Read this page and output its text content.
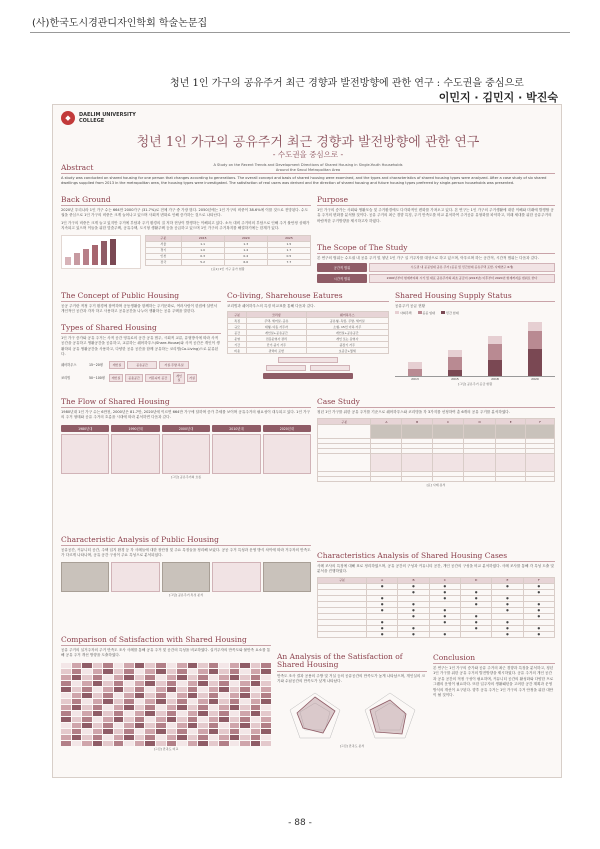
(사)한국도시경관디자인학회 학술논문집
청년 1인 가구의 공유주거 최근 경향과 발전방향에 관한 연구 : 수도권을 중심으로
이민지 · 김민지 · 박진숙
◆	DAELIM UNIVERSITY
COLLEGE
청년 1인 가구의 공유주거 최근 경향과 발전방향에 관한 연구
- 수도권을 중심으로 -
A Study on the Recent Trends and Development Directions of Shared Housing in Single-Youth Households
Around the Seoul Metropolitan Area
Abstract

A study was conducted on shared housing for one person that changes according to generations. The overall concept and basis of shared housing were examined, and the types and characteristics of shared housing types were analyzed. After a case study of six shared dwellings supplied from 2013 in the metropolitan area, the housing types were investigated. The satisfaction of real users was derived and the direction of shared housing and future housing types preferred by single-person households was presented.

Back Ground

2020년 우리나라 1인 가구 수는 664만 2000가구 (31.7%)로 전체 가구 중 가장 많다. 2050년에는 1인 가구의 비중이 38.6%에 이를 것으로 전망된다. 수도권을 중심으로 1인 가구의 비중은 크게 늘어나고 있으며 사회적 변화로 인해 증가하는 것으로 나타난다.

1인 가구의 비중은 크게 늘고 있지만 주거에 부담과 주거 환경의 질 저하 현상이 발생하는 이해되고 있다. 소득 대비 주거비의 부담으로 인해 주거 불안정 상태가 지속되고 있으며 이들을 위한 맞춤주택, 공유주택, 도시형 생활주택 등을 공급하고 있으며 1인 가구의 주거복지를 해결하기에는 한계가 있다.

구분	2015	2020	2025
서울	1.1	1.3	1.5
경기	1.0	1.4	1.7
인천	0.3	0.4	0.5
전국	5.2	6.6	7.7
[표1] 1인 가구 증가 현황
Purpose

1인 가구의 증가는 사회와 생활모습 및 주거환경에도 다각화적인 변화를 가져오고 있다. 본 연구는 1인 가구의 주거생활에 대한 이해와 미래에 발생할 공유 주거의 변화를 분석할 것이다. 공유 주거의 최근 경향 특징, 주거 만족도를 비교 분석하여 주거공유 유형화를 파악하고, 미래 세대를 위한 공유주거의 바람직한 주거방향을 제시하고자 하였다.

The Scope of The Study

본 연구의 범위는 수도권 내 공유 주거 및 청년 1인 가구 실 거주자를 대상으로 하고 있으며, 아우르며 하는 공간적, 시간적 범위는 다음과 같다.

공간적 범위	수도권 내 공공임대 공유 주거 (공공 및 민간임대 공유주택 포함, 사례연구 6개)
시간적 범위	2000년부터 현재까지의 시기 및 대표 공유주거의 최초 공급이 (2013년) 이후부터 2020년 현재까지를 범위로 한다
The Concept of Public Housing

공공 주거란 적정 주거 환경에 참여하며 공동생활을 함께하는 주거문화로, 여러사람이 한집에 살면서 개인적인 공간과 각자 하고 사용하고 공유공간을 나누어 생활하는 공유 주택을 말한다.

Types of Shared Housing

1인 가구 증가와 공유 주거는 사적 공간 영유로의 공간 공유 범주, 시회적 교류, 유형방식에 따라 사적 공간을 공유하고 생활공간을 공유하고, 교류하는 쉐어하우스(Share-House)와 사적 공간은 개인이 생활하되 공유 생활공간을 사용하고, 다양한 공유 공간을 함께 공유하는 코리빙(Co-Living)으로 분류된다.

쉐어하우스	15~20평	개인실	공유공간	거실·주방·욕실
코리빙	50~100평	개인실	공용공간	커뮤니티 공간	개인실	거실
Co-living, Sharehouse Eatures

코리빙과 쉐어하우스의 특징 비교표를 통해 다음과 같다.

구분	코리빙	쉐어하우스
특징	주택, 세어실, 공유	공유형, 독립, 주방, 세어실
규모	대형, 다동 거주자	소형, 15인 이하 거주
공간	개인실+공유공간	개인실+공유공간
운영	전문운영사 관리	개인 또는 운영사
기간	단기·중기 거주	중장기 거주
비용	관리비 포함	보증금+월세
Shared Housing Supply Status

공유주거 공급 현황

사회주택	공공 임대	민간 임대
2013	2015	2018	2020
[그림] 공유주거 공급 현황
The Flow of Shared Housing

1980년대 1인 가구 수는 6만천, 2000년은 81.7만, 2020년에 이르면 664만 가구에 달하며 증가 추세를 보이며 공유주거의 필요성이 대두되고 있다. 1인 가구의 주거 형태와 공유 주거의 흐름을 시대에 따라 분석하면 다음과 같다.

1980년대	1990년대	2000년대	2010년대	2020년대
[그림] 공유주거의 흐름
Case Study

청년 1인 가구를 위한 공유 주거를 기준으로 쉐어하우스와 코리빙을 각 3가지를 선정하여 총 6개의 공유 주거를 분석하였다.

구분	A	B	C	D	E	F

[표] 사례 분석
Characteristic Analysis of Public Housing

공유공간, 커뮤니티 공간, 주택 입지 환경 등 각 사례들에 대한 장단점 및 주요 특징들을 정리해 보았다. 공공 주거 특성과 운영 방식 차이에 따라 거주자의 만족도가 다르게 나타나며, 공유 공간 구성이 주요 특성으로 분석되었다.

[그림] 공유주거 특성 분석
Characteristics Analysis of Shared Housing Cases

사례 조사의 특징에 대해 표로 정리하였으며, 공유 공간의 구성과 커뮤니티 공간, 개인 공간의 구성을 비교 분석하였다. 사례 조사를 통해 각 특성 도출 및 분석을 진행하였다.

구분	A	B	C	D	E	F
	●	●	●		●	●
		●	●	●		●
	●		●	●	●	
	●	●		●	●	●
	●	●	●		●	●
		●	●	●		●
	●		●	●	●	
	●	●		●	●	●
	●	●	●		●	●
Comparison of Satisfaction with Shared Housing

공유 주거의 실거주자의 주거 만족도 조사 사례를 통해 공유 주거 및 공간의 특성을 비교하였다. 실거주자의 만족도와 불만족 요소를 통해 공유 주거 개선 방향을 도출하였다.

[그림] 만족도 비교
An Analysis of the Satisfaction of Shared Housing

만족도 조사 결과 공용의 주방 및 거실 등의 공유공간의 만족도가 높게 나타났으며, 개인실의 크기와 수납공간의 만족도가 낮게 나타났다.

[그림] 만족도 분석
Conclusion

본 연구는 1인 가구의 증가와 공유 주거의 최근 경향과 특징을 분석하고, 청년 1인 가구를 위한 공유 주거의 발전방향을 제시하였다. 공유 주거의 개인 공간과 공유 공간의 적정 구성이 필요하며, 커뮤니티 공간의 활성화와 다양한 프로그램의 운영이 필요하다. 또한 입주자의 생활패턴을 고려한 공간 계획과 운영 방식의 개선이 요구된다. 향후 공유 주거는 1인 가구의 주거 안정을 위한 대안이 될 것이다.

- 88 -
